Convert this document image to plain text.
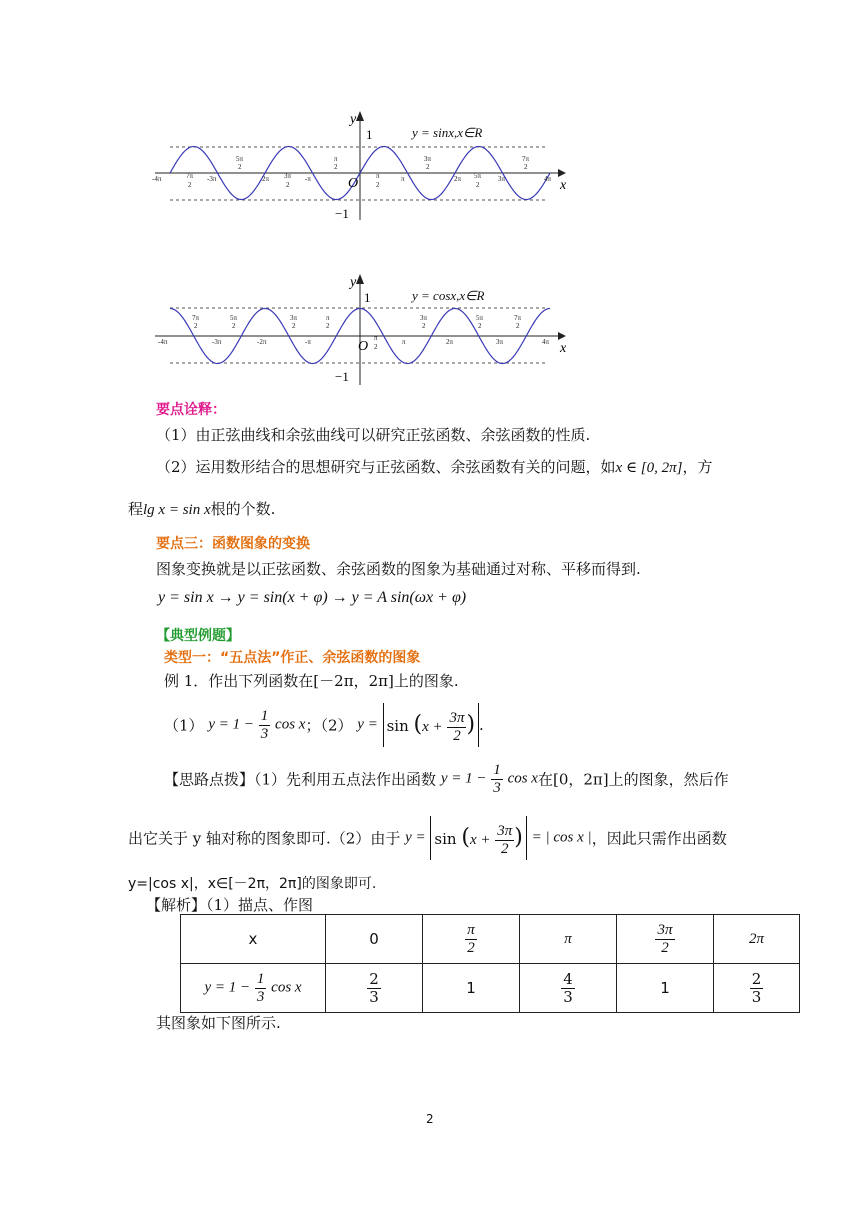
-4π	7π
2
-3π
5π
2
2π 3π
2
-π
π
2
π
2
π
3π
2
2π 5π
2
3π
7π
2
4π
y = sinx,x∈R
1
−1
O	x
y
-4π
7π
2
-3π
5π
2
-2π
3π
2
-π
π
2
π
2
π
3π
2
2π
5π
2
3π
7π
2
4π
y = cosx,x∈R
1
−1
O	x
y
要点诠释：
（1）由正弦曲线和余弦曲线可以研究正弦函数、余弦函数的性质.
（2）运用数形结合的思想研究与正弦函数、余弦函数有关的问题，如x ∈ [0, 2π]，方
程lg x = sin x根的个数.
要点三：函数图象的变换
图象变换就是以正弦函数、余弦函数的图象为基础通过对称、平移而得到.
y = sin x → y = sin(x + φ) → y = A sin(ωx + φ)
【典型例题】
类型一：“五点法”作正、余弦函数的图象
例 1．作出下列函数在[－2π，2π]上的图象.
（1） $y = 1 - \frac{1}{3}$ cos x；（2） $y = \sin (x + \frac{3\pi}{2}$ ) .
【思路点拨】（1）先利用五点法作出函数 $y = 1 - \frac{1}{3}$ cos x在[0，2π]上的图象，然后作
出它关于 y 轴对称的图象即可.（2）由于 $y = \sin (x + \frac{3\pi}{2}$ ) = | cos x |，因此只需作出函数
y=|cos x|，x∈[－2π，2π]的图象即可.
【解析】（1）描点、作图
x	0	$\frac{\pi}{2}$	π	$\frac{3\pi}{2}$	2π
$y = 1 - \frac{1}{3}$ cos x	$\frac{2}{3}$	1	$\frac{4}{3}$	1	$\frac{2}{3}$
其图象如下图所示.
2
